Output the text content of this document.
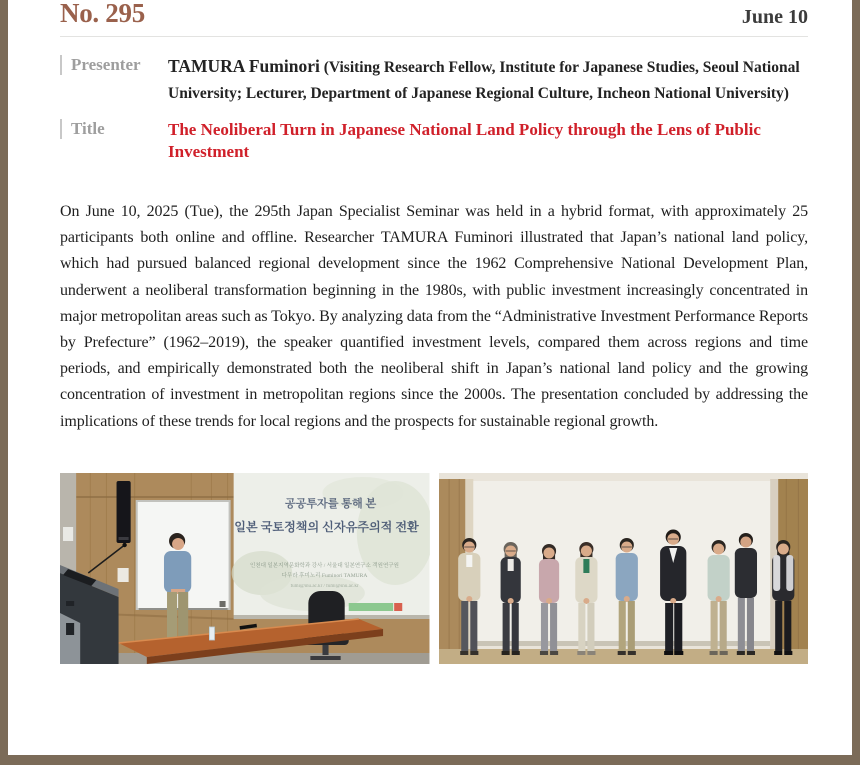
No. 295	June 10
Presenter	TAMURA Fuminori (Visiting Research Fellow, Institute for Japanese Studies, Seoul National University; Lecturer, Department of Japanese Regional Culture, Incheon National University)
Title	The Neoliberal Turn in Japanese National Land Policy through the Lens of Public Investment

On June 10, 2025 (Tue), the 295th Japan Specialist Seminar was held in a hybrid format, with approximately 25 participants both online and offline. Researcher TAMURA Fuminori illustrated that Japan’s national land policy, which had pursued balanced regional development since the 1962 Comprehensive National Development Plan, underwent a neoliberal transformation beginning in the 1980s, with public investment increasingly concentrated in major metropolitan areas such as Tokyo. By analyzing data from the “Administrative Investment Performance Reports by Prefecture” (1962–2019), the speaker quantified investment levels, compared them across regions and time periods, and empirically demonstrated both the neoliberal shift in Japan’s national land policy and the growing concentration of investment in metropolitan regions since the 2000s. The presentation concluded by addressing the implications of these trends for local regions and the prospects for sustainable regional growth.

공공투자를 통해 본
일본 국토정책의 신자유주의적 전환
인천대 일본지역문화학과 강사 / 서울대 일본연구소 객원연구원
다무라 후미노리 Fuminori TAMURA
fumi@inu.ac.kr / fumi@snu.ac.kr
